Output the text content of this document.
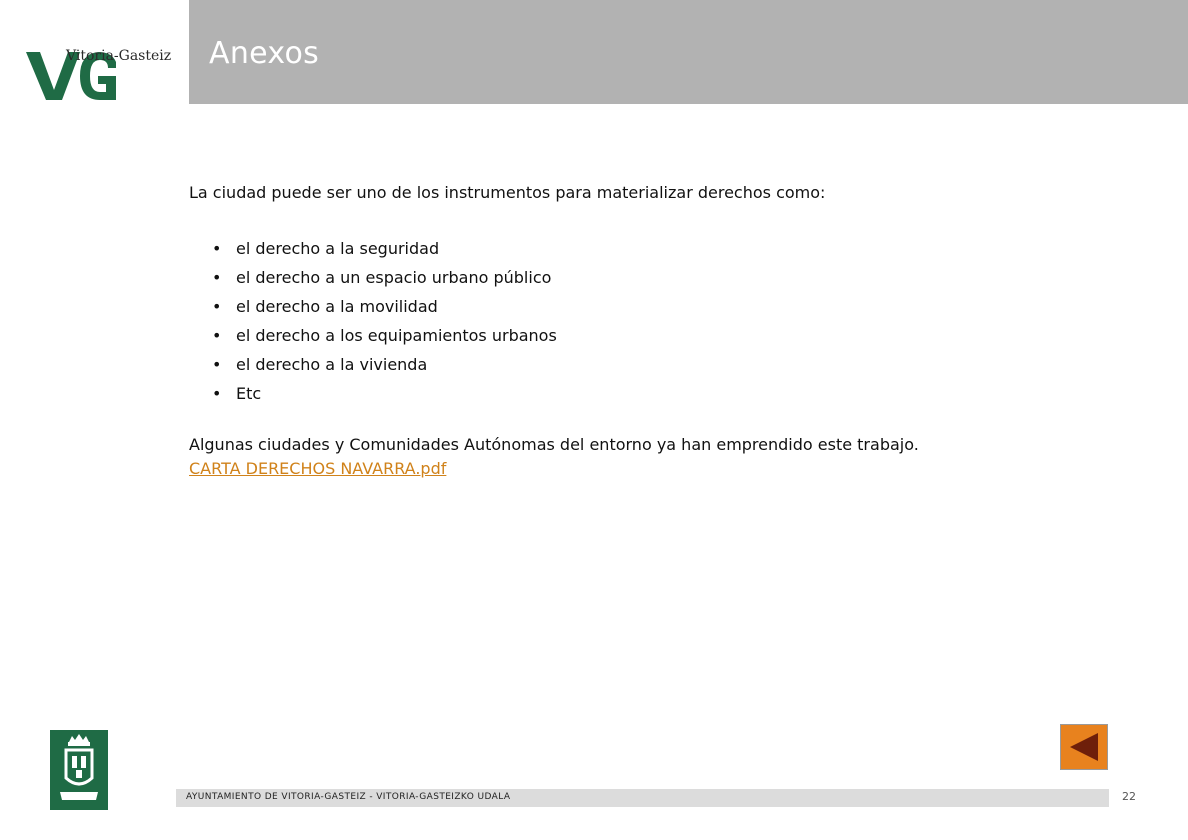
Vitoria-Gasteiz Anexos

La ciudad puede ser uno de los instrumentos para materializar derechos como:

• el derecho a la seguridad
• el derecho a un espacio urbano público
• el derecho a la movilidad
• el derecho a los equipamientos urbanos
• el derecho a la vivienda
• Etc

Algunas ciudades y Comunidades Autónomas del entorno ya han emprendido este trabajo.
CARTA DERECHOS NAVARRA.pdf

AYUNTAMIENTO DE VITORIA-GASTEIZ - VITORIA-GASTEIZKO UDALA	22
